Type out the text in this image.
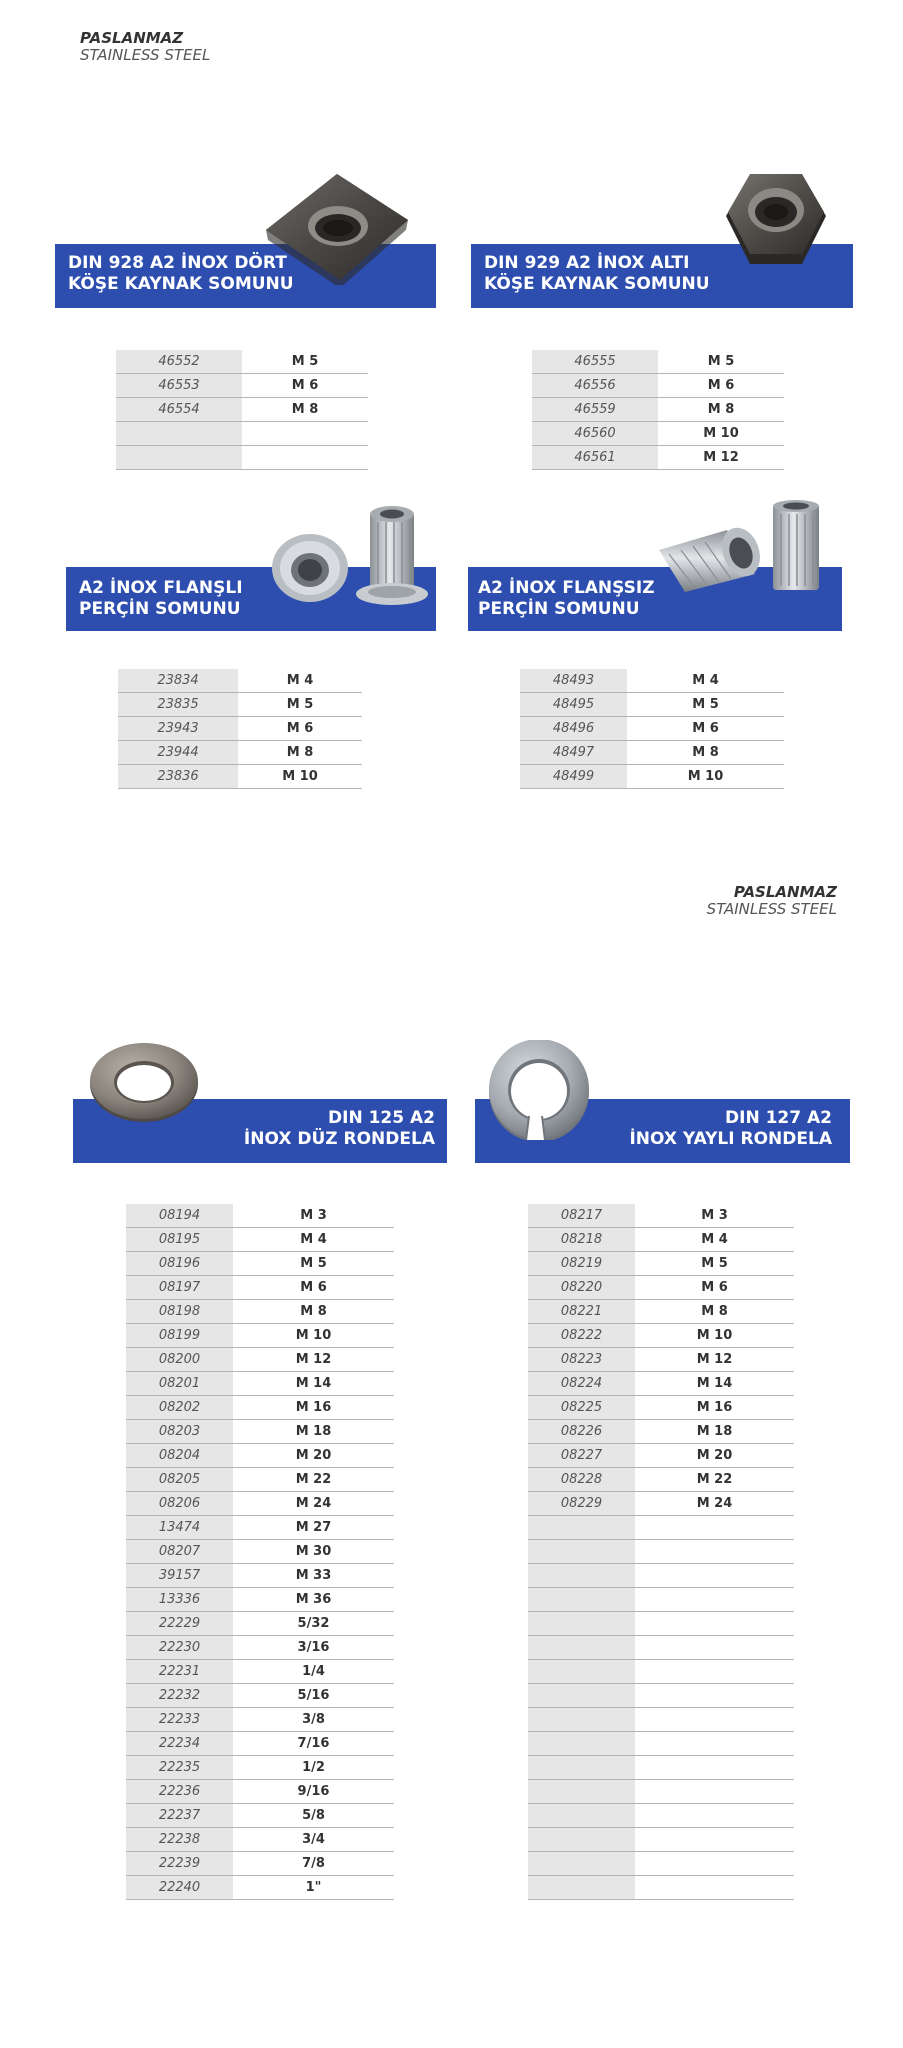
PASLANMAZ
STAINLESS STEEL
DIN 928 A2 İNOX DÖRT
KÖŞE KAYNAK SOMUNU
46552	M 5
46553	M 6
46554	M 8

DIN 929 A2 İNOX ALTI
KÖŞE KAYNAK SOMUNU
46555	M 5
46556	M 6
46559	M 8
46560	M 10
46561	M 12
A2 İNOX FLANŞLI
PERÇİN SOMUNU
23834	M 4
23835	M 5
23943	M 6
23944	M 8
23836	M 10
A2 İNOX FLANŞSIZ
PERÇİN SOMUNU
48493	M 4
48495	M 5
48496	M 6
48497	M 8
48499	M 10
PASLANMAZ
STAINLESS STEEL
DIN 125 A2
İNOX DÜZ RONDELA
08194	M 3
08195	M 4
08196	M 5
08197	M 6
08198	M 8
08199	M 10
08200	M 12
08201	M 14
08202	M 16
08203	M 18
08204	M 20
08205	M 22
08206	M 24
13474	M 27
08207	M 30
39157	M 33
13336	M 36
22229	5/32
22230	3/16
22231	1/4
22232	5/16
22233	3/8
22234	7/16
22235	1/2
22236	9/16
22237	5/8
22238	3/4
22239	7/8
22240	1"
DIN 127 A2
İNOX YAYLI RONDELA
08217	M 3
08218	M 4
08219	M 5
08220	M 6
08221	M 8
08222	M 10
08223	M 12
08224	M 14
08225	M 16
08226	M 18
08227	M 20
08228	M 22
08229	M 24
